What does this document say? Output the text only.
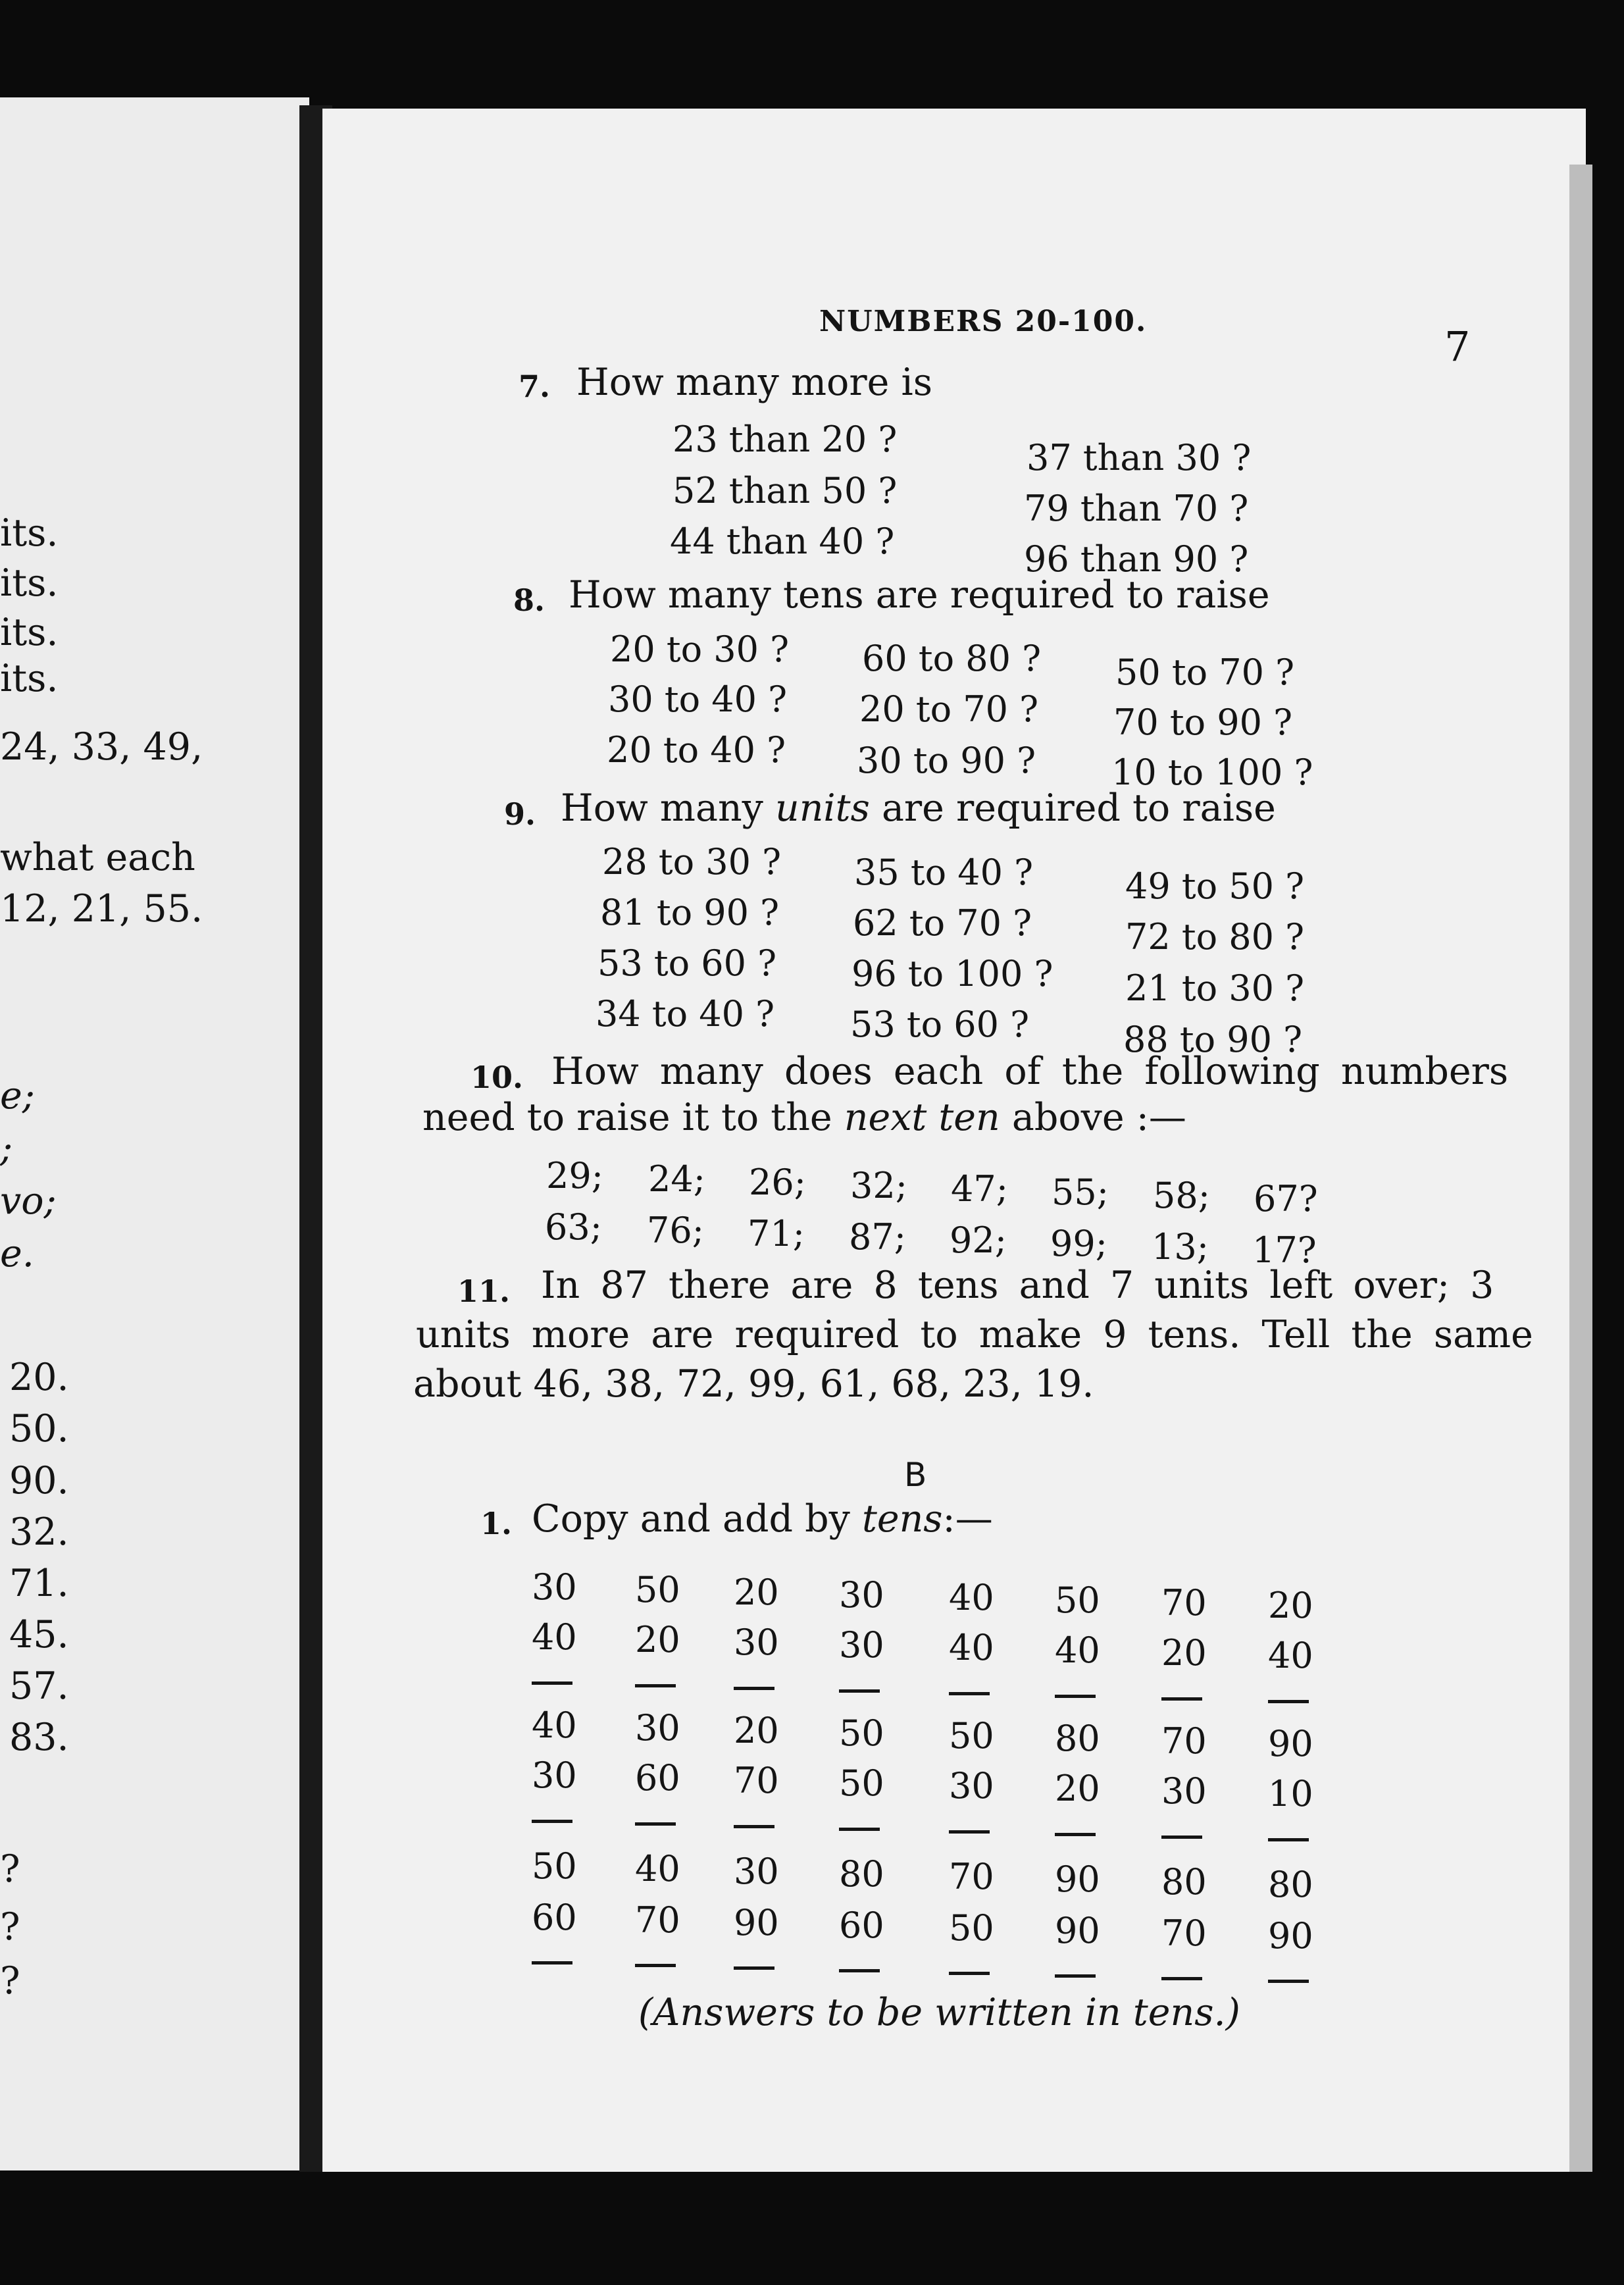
its.
its.
its.
its.
24, 33, 49,
what each
12, 21, 55.
e;
;
vo;
e.
20.
50.
90.
32.
71.
45.
57.
83.
?
?
?
NUMBERS 20-100.
7
7. How many more is
23 than 20 ?
52 than 50 ?
44 than 40 ?
37 than 30 ?
79 than 70 ?
96 than 90 ?
8. How many tens are required to raise
20 to 30 ?
30 to 40 ?
20 to 40 ?
60 to 80 ?
20 to 70 ?
30 to 90 ?
50 to 70 ?
70 to 90 ?
10 to 100 ?
9. How many units are required to raise
28 to 30 ?
81 to 90 ?
53 to 60 ?
34 to 40 ?
35 to 40 ?
62 to 70 ?
96 to 100 ?
53 to 60 ?
49 to 50 ?
72 to 80 ?
21 to 30 ?
88 to 90 ?
10. How many does each of the following numbers
need to raise it to the next ten above :—
29; 24; 26; 32; 47; 55; 58; 67?
63; 76; 71; 87; 92; 99; 13; 17?
11. In 87 there are 8 tens and 7 units left over; 3
units more are required to make 9 tens. Tell the same
about 46, 38, 72, 99, 61, 68, 23, 19.
B
1. Copy and add by tens:—
30
40
40
30
50
60
50
20
30
60
40
70
20
30
20
70
30
90
30
30
50
50
80
60
40
40
50
30
70
50
50
40
80
20
90
90
70
20
70
30
80
70
20
40
90
10
80
90
(Answers to be written in tens.)
